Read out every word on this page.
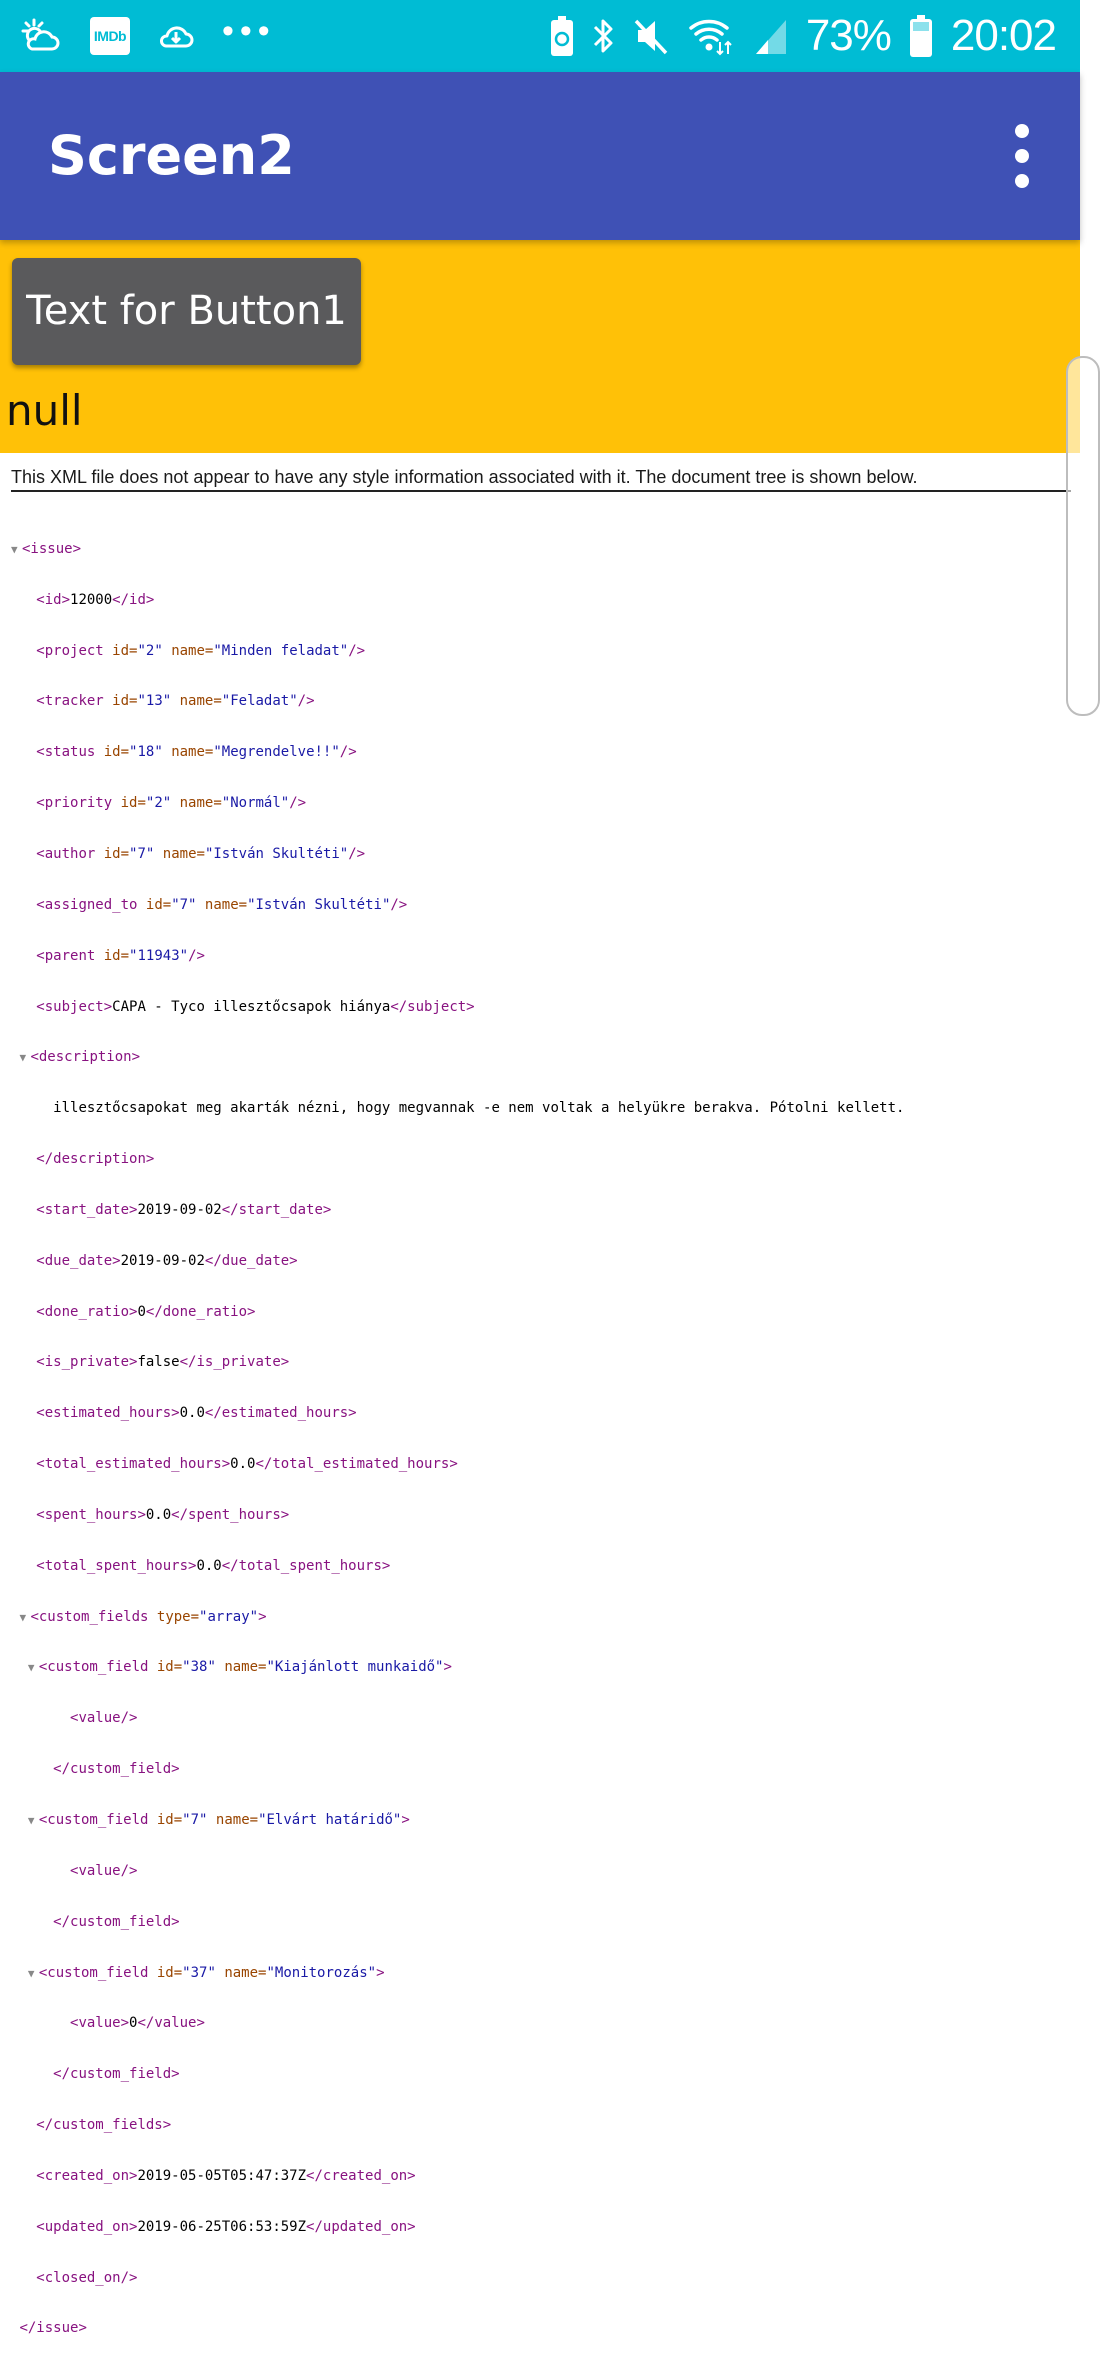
IMDb	•••	73% 20:02
Screen2
Text for Button1
null
This XML file does not appear to have any style information associated with it. The document tree is shown below.

▼ <issue>

<id>12000</id>

<project id="2" name="Minden feladat"/>

<tracker id="13" name="Feladat"/>

<status id="18" name="Megrendelve!!"/>

<priority id="2" name="Normál"/>

<author id="7" name="István Skultéti"/>

<assigned_to id="7" name="István Skultéti"/>

<parent id="11943"/>

<subject>CAPA - Tyco illesztőcsapok hiánya</subject>

▼ <description>

illesztőcsapokat meg akarták nézni, hogy megvannak -e nem voltak a helyükre berakva. Pótolni kellett.

</description>

<start_date>2019-09-02</start_date>

<due_date>2019-09-02</due_date>

<done_ratio>0</done_ratio>

<is_private>false</is_private>

<estimated_hours>0.0</estimated_hours>

<total_estimated_hours>0.0</total_estimated_hours>

<spent_hours>0.0</spent_hours>

<total_spent_hours>0.0</total_spent_hours>

▼ <custom_fields type="array">

▼ <custom_field id="38" name="Kiajánlott munkaidő">

<value/>

</custom_field>

▼ <custom_field id="7" name="Elvárt határidő">

<value/>

</custom_field>

▼ <custom_field id="37" name="Monitorozás">

<value>0</value>

</custom_field>

</custom_fields>

<created_on>2019-05-05T05:47:37Z</created_on>

<updated_on>2019-06-25T06:53:59Z</updated_on>

<closed_on/>

</issue>
